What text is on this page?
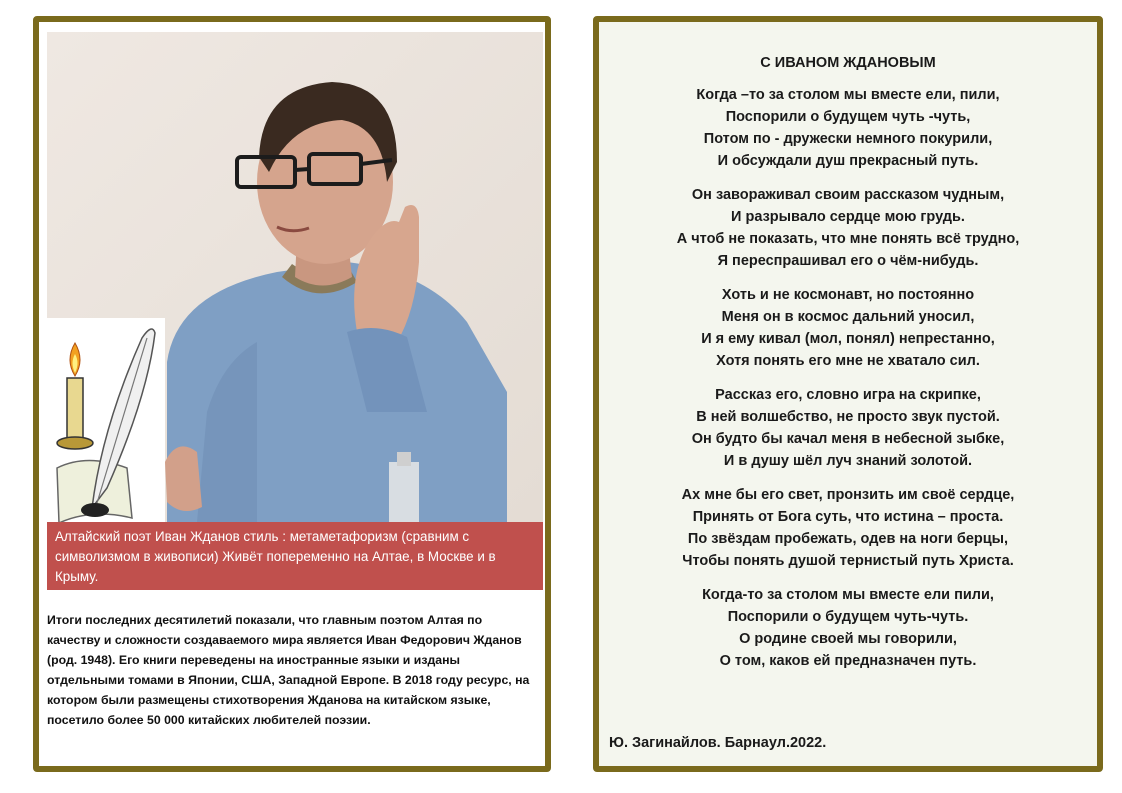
Алтайский поэт Иван Жданов стиль : метаметафоризм (сравним с символизмом в живописи) Живёт попеременно на Алтае, в Москве и в Крыму.
Итоги последних десятилетий показали, что главным поэтом Алтая по качеству и сложности создаваемого мира является Иван Федорович Жданов (род. 1948). Его книги переведены на иностранные языки и изданы отдельными томами в Японии, США, Западной Европе. В 2018 году ресурс, на котором были размещены стихотворения Жданова на китайском языке, посетило более 50 000 китайских любителей поэзии.
С ИВАНОМ ЖДАНОВЫМ
Когда –то за столом мы вместе ели, пили,
Поспорили о будущем чуть -чуть,
Потом по - дружески немного покурили,
И обсуждали душ прекрасный путь.
Он завораживал своим рассказом чудным,
И разрывало сердце мою грудь.
А чтоб не показать, что мне понять всё трудно,
Я переспрашивал его о чём-нибудь.
Хоть и не космонавт, но постоянно
Меня он в космос дальний уносил,
И я ему кивал (мол, понял) непрестанно,
Хотя понять его мне не хватало сил.
Рассказ его, словно игра на скрипке,
В ней волшебство, не просто звук пустой.
Он будто бы качал меня в небесной зыбке,
И в душу шёл луч знаний золотой.
Ах мне бы его свет, пронзить им своё сердце,
Принять от Бога суть, что истина – проста.
По звёздам пробежать, одев на ноги берцы,
Чтобы понять душой тернистый путь Христа.
Когда-то за столом мы вместе ели пили,
Поспорили о будущем чуть-чуть.
О родине своей мы говорили,
О том, каков ей предназначен путь.
Ю. Загинайлов. Барнаул.2022.
